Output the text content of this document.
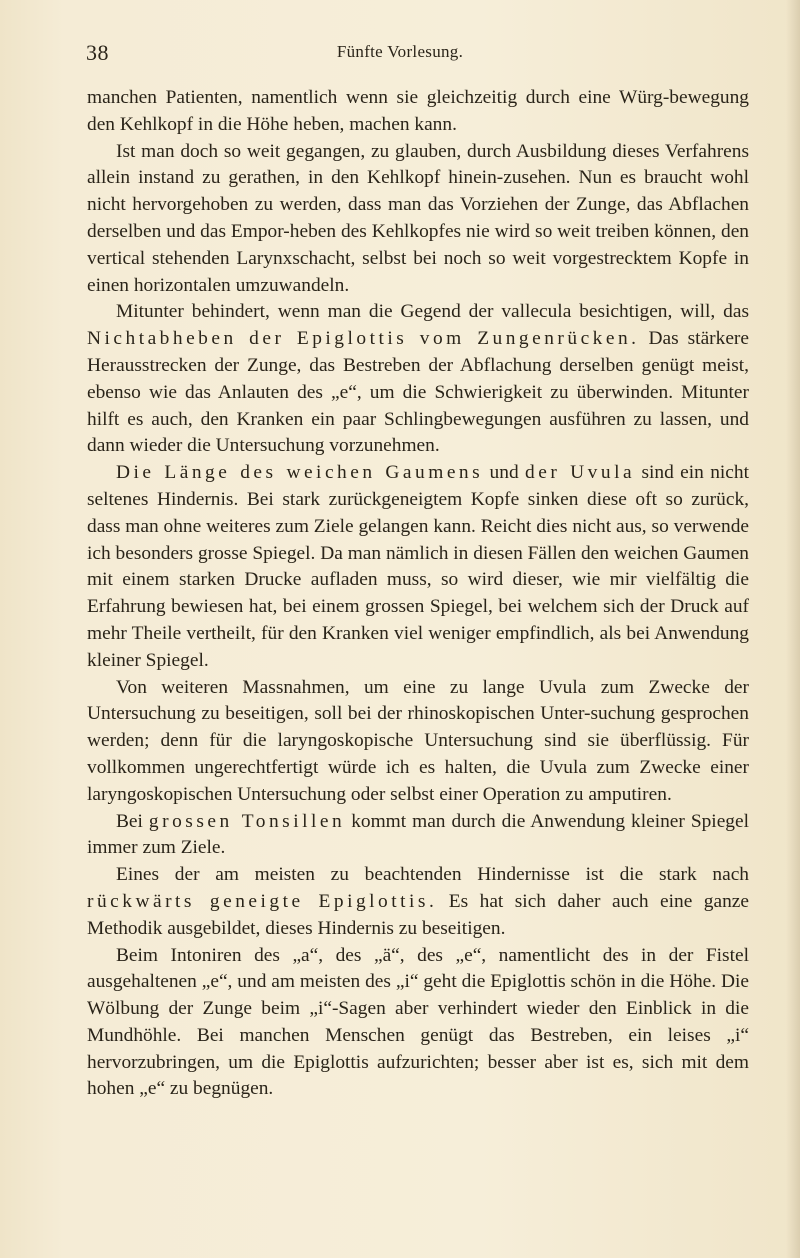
38	Fünfte Vorlesung.

manchen Patienten, namentlich wenn sie gleichzeitig durch eine Würg-bewegung den Kehlkopf in die Höhe heben, machen kann.

Ist man doch so weit gegangen, zu glauben, durch Ausbildung dieses Verfahrens allein instand zu gerathen, in den Kehlkopf hinein-zusehen. Nun es braucht wohl nicht hervorgehoben zu werden, dass man das Vorziehen der Zunge, das Abflachen derselben und das Empor-heben des Kehlkopfes nie wird so weit treiben können, den vertical stehenden Larynxschacht, selbst bei noch so weit vorgestrecktem Kopfe in einen horizontalen umzuwandeln.

Mitunter behindert, wenn man die Gegend der vallecula besichtigen, will, das Nichtabheben der Epiglottis vom Zungenrücken. Das stärkere Herausstrecken der Zunge, das Bestreben der Abflachung derselben genügt meist, ebenso wie das Anlauten des „e“, um die Schwierigkeit zu überwinden. Mitunter hilft es auch, den Kranken ein paar Schlingbewegungen ausführen zu lassen, und dann wieder die Untersuchung vorzunehmen.

Die Länge des weichen Gaumens und der Uvula sind ein nicht seltenes Hindernis. Bei stark zurückgeneigtem Kopfe sinken diese oft so zurück, dass man ohne weiteres zum Ziele gelangen kann. Reicht dies nicht aus, so verwende ich besonders grosse Spiegel. Da man nämlich in diesen Fällen den weichen Gaumen mit einem starken Drucke aufladen muss, so wird dieser, wie mir vielfältig die Erfahrung bewiesen hat, bei einem grossen Spiegel, bei welchem sich der Druck auf mehr Theile vertheilt, für den Kranken viel weniger empfindlich, als bei Anwendung kleiner Spiegel.

Von weiteren Massnahmen, um eine zu lange Uvula zum Zwecke der Untersuchung zu beseitigen, soll bei der rhinoskopischen Unter-suchung gesprochen werden; denn für die laryngoskopische Untersuchung sind sie überflüssig. Für vollkommen ungerechtfertigt würde ich es halten, die Uvula zum Zwecke einer laryngoskopischen Untersuchung oder selbst einer Operation zu amputiren.

Bei grossen Tonsillen kommt man durch die Anwendung kleiner Spiegel immer zum Ziele.

Eines der am meisten zu beachtenden Hindernisse ist die stark nach rückwärts geneigte Epiglottis. Es hat sich daher auch eine ganze Methodik ausgebildet, dieses Hindernis zu beseitigen.

Beim Intoniren des „a“, des „ä“, des „e“, namentlicht des in der Fistel ausgehaltenen „e“, und am meisten des „i“ geht die Epiglottis schön in die Höhe. Die Wölbung der Zunge beim „i“-Sagen aber verhindert wieder den Einblick in die Mundhöhle. Bei manchen Menschen genügt das Bestreben, ein leises „i“ hervorzubringen, um die Epiglottis aufzurichten; besser aber ist es, sich mit dem hohen „e“ zu begnügen.
